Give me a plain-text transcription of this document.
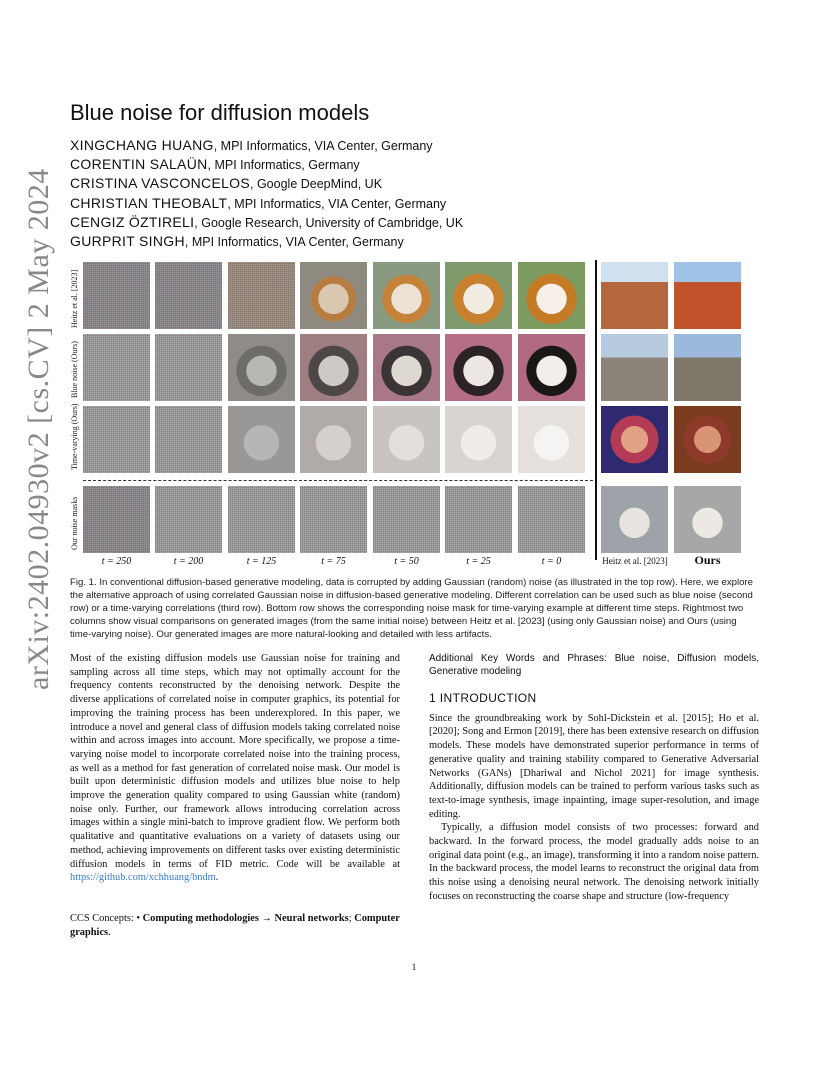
arXiv:2402.04930v2 [cs.CV] 2 May 2024
Blue noise for diffusion models
XINGCHANG HUANG, MPI Informatics, VIA Center, Germany
CORENTIN SALAÜN, MPI Informatics, Germany
CRISTINA VASCONCELOS, Google DeepMind, UK
CHRISTIAN THEOBALT, MPI Informatics, VIA Center, Germany
CENGIZ ÖZTIRELI, Google Research, University of Cambridge, UK
GURPRIT SINGH, MPI Informatics, VIA Center, Germany
Heitz et al. [2023]
Blue noise (Ours)
Time-varying (Ours)
Our noise masks
t = 250	t = 200	t = 125	t = 75	t = 50	t = 25	t = 0	Heitz et al. [2023]	Ours
Fig. 1. In conventional diffusion-based generative modeling, data is corrupted by adding Gaussian (random) noise (as illustrated in the top row). Here, we explore the alternative approach of using correlated Gaussian noise in diffusion-based generative modeling. Different correlation can be used such as blue noise (second row) or a time-varying correlations (third row). Bottom row shows the corresponding noise mask for time-varying example at different time steps. Rightmost two columns show visual comparisons on generated images (from the same initial noise) between Heitz et al. [2023] (using only Gaussian noise) and Ours (using time-varying noise). Our generated images are more natural-looking and detailed with less artifacts.

Most of the existing diffusion models use Gaussian noise for training and sampling across all time steps, which may not optimally account for the frequency contents reconstructed by the denoising network. Despite the diverse applications of correlated noise in computer graphics, its potential for improving the training process has been underexplored. In this paper, we introduce a novel and general class of diffusion models taking correlated noise within and across images into account. More specifically, we propose a time-varying noise model to incorporate correlated noise into the training process, as well as a method for fast generation of correlated noise mask. Our model is built upon deterministic diffusion models and utilizes blue noise to help improve the generation quality compared to using Gaussian white (random) noise only. Further, our framework allows introducing correlation across images within a single mini-batch to improve gradient flow. We perform both qualitative and quantitative evaluations on a variety of datasets using our method, achieving improvements on different tasks over existing deterministic diffusion models in terms of FID metric. Code will be available at https://github.com/xchhuang/bndm.

CCS Concepts: • Computing methodologies → Neural networks; Computer graphics.
Additional Key Words and Phrases: Blue noise, Diffusion models, Generative modeling
1 INTRODUCTION

Since the groundbreaking work by Sohl-Dickstein et al. [2015]; Ho et al. [2020]; Song and Ermon [2019], there has been extensive research on diffusion models. These models have demonstrated superior performance in terms of generative quality and training stability compared to Generative Adversarial Networks (GANs) [Dhariwal and Nichol 2021] for image synthesis. Additionally, diffusion models can be trained to perform various tasks such as text-to-image synthesis, image inpainting, image super-resolution, and image editing.

Typically, a diffusion model consists of two processes: forward and backward. In the forward process, the model gradually adds noise to an original data point (e.g., an image), transforming it into a random noise pattern. In the backward process, the model learns to reconstruct the original data from this noise using a denoising neural network. The denoising network initially focuses on reconstructing the coarse shape and structure (low-frequency

1
